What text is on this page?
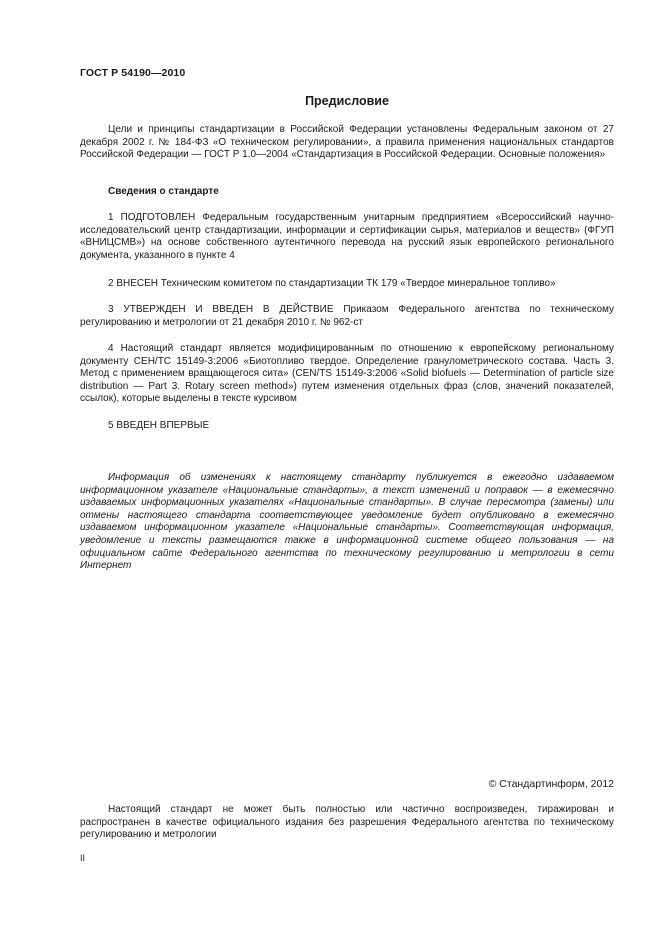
ГОСТ Р 54190—2010
Предисловие
Цели и принципы стандартизации в Российской Федерации установлены Федеральным законом от 27 декабря 2002 г. № 184-ФЗ «О техническом регулировании», а правила применения национальных стандартов Российской Федерации — ГОСТ Р 1.0—2004 «Стандартизация в Российской Федерации. Основные положения»
Сведения о стандарте
1 ПОДГОТОВЛЕН Федеральным государственным унитарным предприятием «Всероссийский научно-исследовательский центр стандартизации, информации и сертификации сырья, материалов и веществ» (ФГУП «ВНИЦСМВ») на основе собственного аутентичного перевода на русский язык европейского регионального документа, указанного в пункте 4
2 ВНЕСЕН Техническим комитетом по стандартизации ТК 179 «Твердое минеральное топливо»
3 УТВЕРЖДЕН И ВВЕДЕН В ДЕЙСТВИЕ Приказом Федерального агентства по техническому регулированию и метрологии от 21 декабря 2010 г. № 962-ст
4 Настоящий стандарт является модифицированным по отношению к европейскому региональному документу CEH/TC 15149-3:2006 «Биотопливо твердое. Определение гранулометрического состава. Часть 3. Метод с применением вращающегося сита» (CEN/TS 15149-3:2006 «Solid biofuels — Determination of particle size distribution — Part 3. Rotary screen method») путем изменения отдельных фраз (слов, значений показателей, ссылок), которые выделены в тексте курсивом
5 ВВЕДЕН ВПЕРВЫЕ
Информация об изменениях к настоящему стандарту публикуется в ежегодно издаваемом информационном указателе «Национальные стандарты», а текст изменений и поправок — в ежемесячно издаваемых информационных указателях «Национальные стандарты». В случае пересмотра (замены) или отмены настоящего стандарта соответствующее уведомление будет опубликовано в ежемесячно издаваемом информационном указателе «Национальные стандарты». Соответствующая информация, уведомление и тексты размещаются также в информационной системе общего пользования — на официальном сайте Федерального агентства по техническому регулированию и метрологии в сети Интернет
© Стандартинформ, 2012
Настоящий стандарт не может быть полностью или частично воспроизведен, тиражирован и распространен в качестве официального издания без разрешения Федерального агентства по техническому регулированию и метрологии
II
